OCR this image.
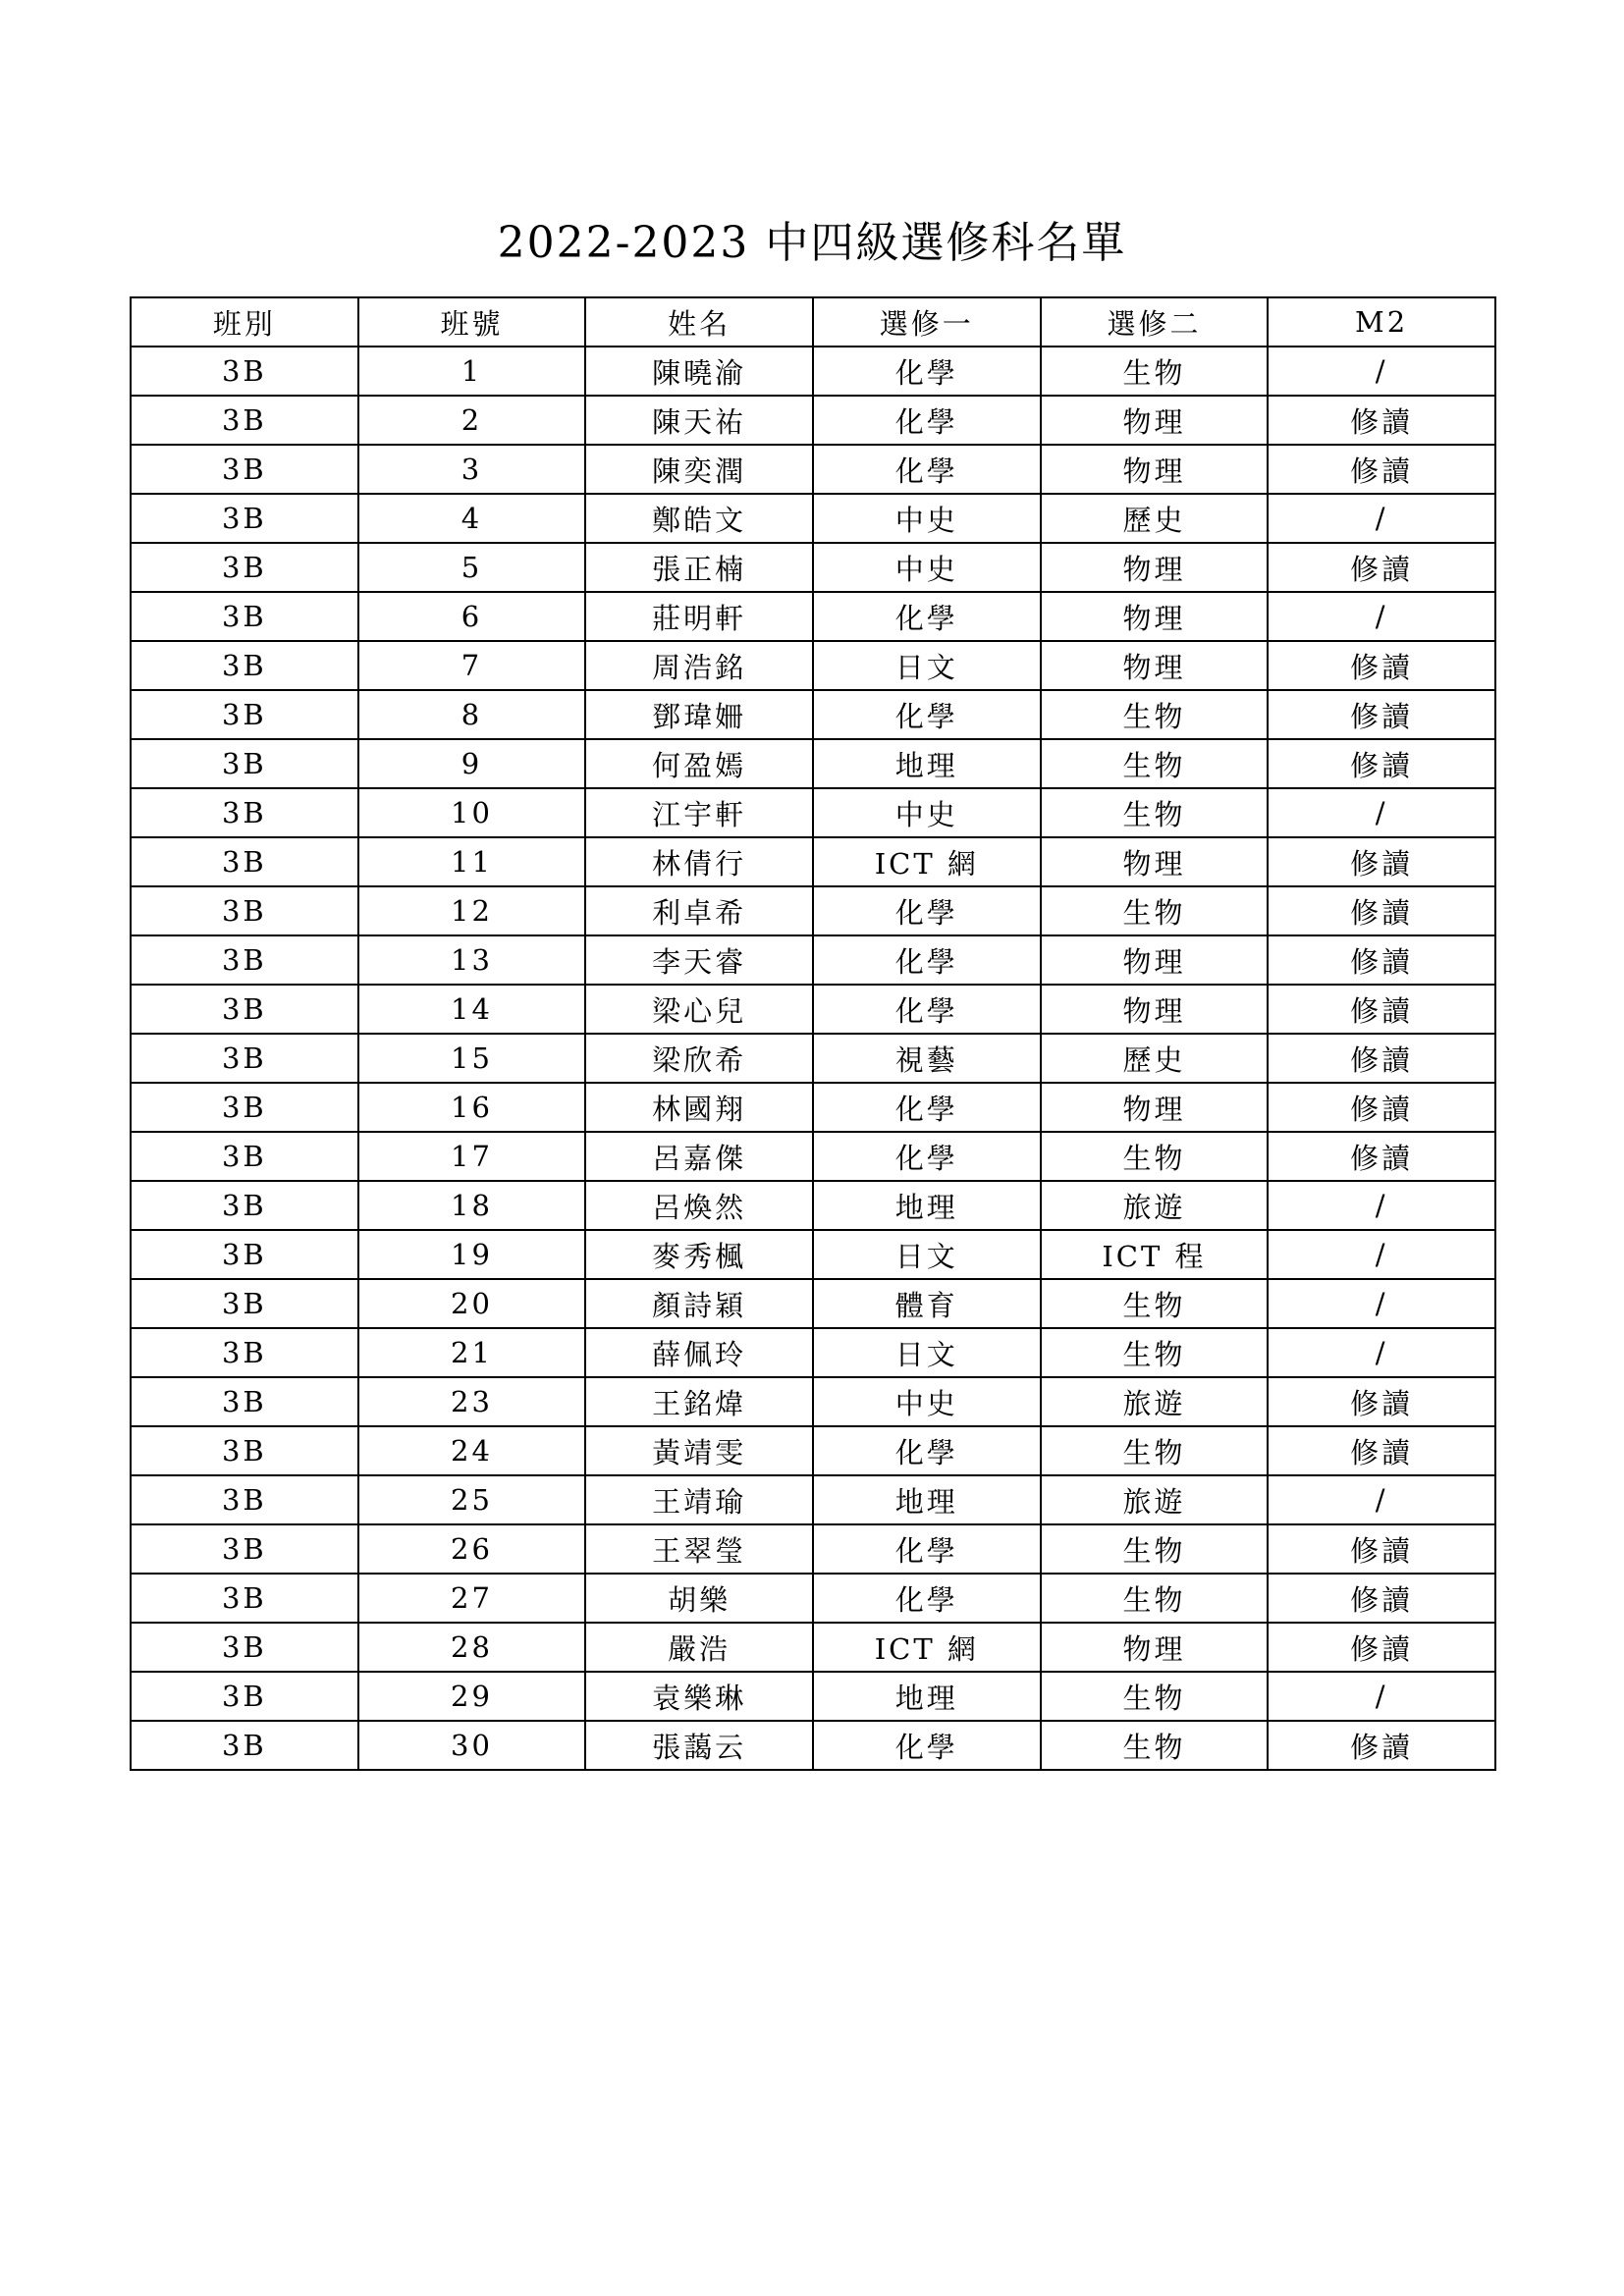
2022-2023 中四級選修科名單
班別	班號	姓名	選修一	選修二	M2
3B	1	陳曉渝	化學	生物	/
3B	2	陳天祐	化學	物理	修讀
3B	3	陳奕潤	化學	物理	修讀
3B	4	鄭皓文	中史	歷史	/
3B	5	張正楠	中史	物理	修讀
3B	6	莊明軒	化學	物理	/
3B	7	周浩銘	日文	物理	修讀
3B	8	鄧瑋姍	化學	生物	修讀
3B	9	何盈嫣	地理	生物	修讀
3B	10	江宇軒	中史	生物	/
3B	11	林倩行	ICT 網	物理	修讀
3B	12	利卓希	化學	生物	修讀
3B	13	李天睿	化學	物理	修讀
3B	14	梁心兒	化學	物理	修讀
3B	15	梁欣希	視藝	歷史	修讀
3B	16	林國翔	化學	物理	修讀
3B	17	呂嘉傑	化學	生物	修讀
3B	18	呂煥然	地理	旅遊	/
3B	19	麥秀楓	日文	ICT 程	/
3B	20	顏詩穎	體育	生物	/
3B	21	薛佩玲	日文	生物	/
3B	23	王銘煒	中史	旅遊	修讀
3B	24	黃靖雯	化學	生物	修讀
3B	25	王靖瑜	地理	旅遊	/
3B	26	王翠瑩	化學	生物	修讀
3B	27	胡樂	化學	生物	修讀
3B	28	嚴浩	ICT 網	物理	修讀
3B	29	袁樂琳	地理	生物	/
3B	30	張藹云	化學	生物	修讀
